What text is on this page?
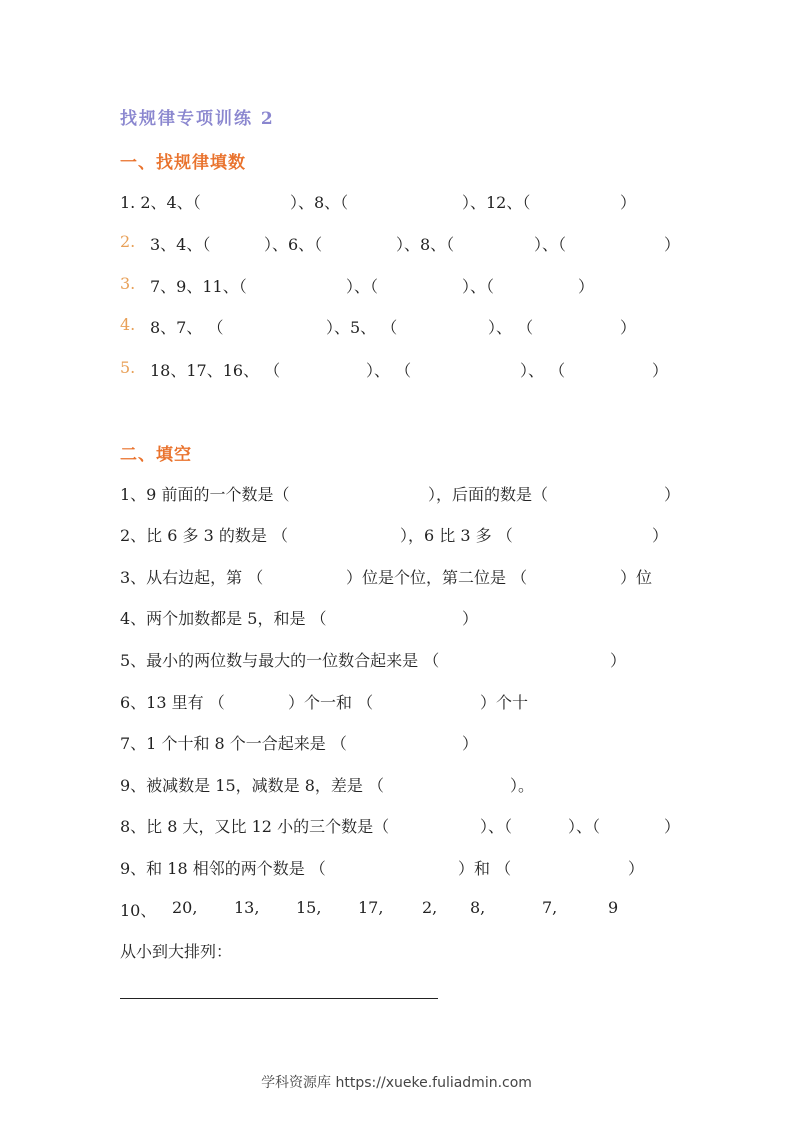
找规律专项训练 2
一、找规律填数

1. 2、4、（

	）、8、（

	）、12、（

	）

2.

3、4、（

	）、6、（

	）、8、（

	）、（

	）

3.

7、9、11、（

	）、（

	）、（

	）

4.

8、7、 （

	）、5、 （

	）、 （

	）

5.

18、17、16、 （

	）、 （

	）、 （

	）

二、填空

1、9 前面的一个数是（

	），后面的数是（

	）

2、比 6 多 3 的数是 （

	），6 比 3 多 （

	）

3、从右边起，第 （

	）位是个位，第二位是 （

	）位

4、两个加数都是 5，和是 （

	）

5、最小的两位数与最大的一位数合起来是 （

	）

6、13 里有 （

	）个一和 （

	）个十

7、1 个十和 8 个一合起来是 （

	）

9、被减数是 15，减数是 8，差是 （

	）。

8、比 8 大，又比 12 小的三个数是（

	）、（

	）、（

	）

9、和 18 相邻的两个数是 （

	）和 （

	）

10、

20,

13,

15,

17,

2,

8,

	7,

	9

从小到大排列：

学科资源库 https://xueke.fuliadmin.com
